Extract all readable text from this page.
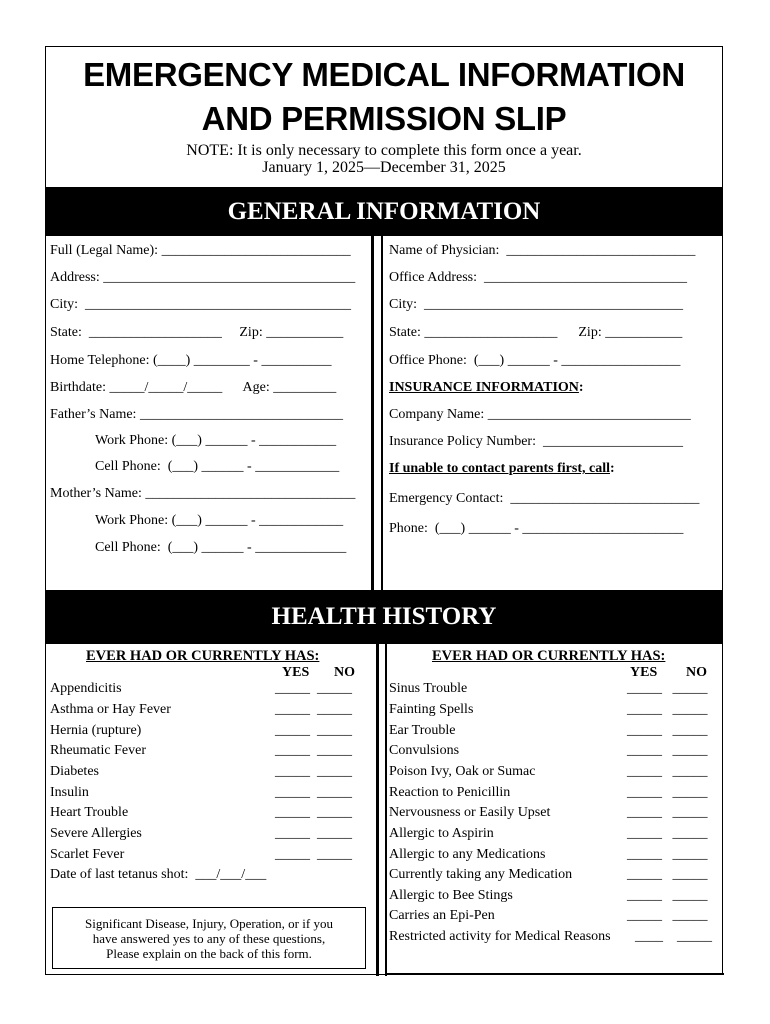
EMERGENCY MEDICAL INFORMATION
AND PERMISSION SLIP
NOTE: It is only necessary to complete this form once a year.
January 1, 2025—December 31, 2025
GENERAL INFORMATION
Full (Legal Name): ___________________________
Address: ____________________________________
City:  ______________________________________
State:  ___________________     Zip: ___________
Home Telephone: (____) ________ - __________
Birthdate: _____/_____/_____      Age: _________
Father’s Name: _____________________________
Work Phone: (___) ______ - ___________
Cell Phone:  (___) ______ - ____________
Mother’s Name: ______________________________
Work Phone: (___) ______ - ____________
Cell Phone:  (___) ______ - _____________
Name of Physician:  ___________________________
Office Address:  _____________________________
City:  _____________________________________
State: ___________________      Zip: ___________
Office Phone:  (___) ______ - _________________
INSURANCE INFORMATION:
Company Name: _____________________________
Insurance Policy Number:  ____________________
If unable to contact parents first, call:
Emergency Contact:  ___________________________
Phone:  (___) ______ - _______________________
HEALTH HISTORY
EVER HAD OR CURRENTLY HAS:
YES NO
Appendicitis
Asthma or Hay Fever
Hernia (rupture)
Rheumatic Fever
Diabetes
Insulin
Heart Trouble
Severe Allergies
Scarlet Fever
Date of last tetanus shot:  ___/___/___
_____  _____
_____  _____
_____  _____
_____  _____
_____  _____
_____  _____
_____  _____
_____  _____
_____  _____
Significant Disease, Injury, Operation, or if you
have answered yes to any of these questions,
Please explain on the back of this form.
EVER HAD OR CURRENTLY HAS:
YES NO
Sinus Trouble
Fainting Spells
Ear Trouble
Convulsions
Poison Ivy, Oak or Sumac
Reaction to Penicillin
Nervousness or Easily Upset
Allergic to Aspirin
Allergic to any Medications
Currently taking any Medication
Allergic to Bee Stings
Carries an Epi-Pen
Restricted activity for Medical Reasons
_____   _____
_____   _____
_____   _____
_____   _____
_____   _____
_____   _____
_____   _____
_____   _____
_____   _____
_____   _____
_____   _____
_____   _____
____    _____
